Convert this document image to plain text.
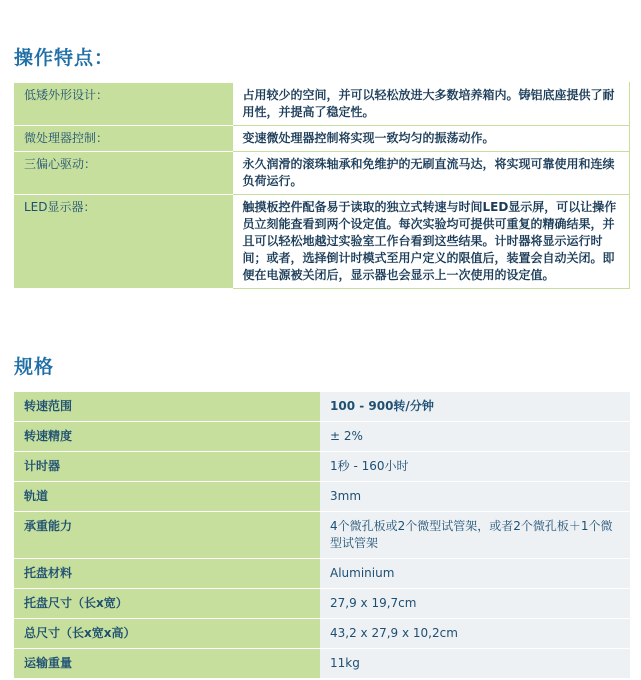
操作特点：
低矮外形设计：	占用较少的空间，并可以轻松放进大多数培养箱内。铸铝底座提供了耐用性，并提高了稳定性。
微处理器控制：	变速微处理器控制将实现一致均匀的振荡动作。
三偏心驱动：	永久润滑的滚珠轴承和免维护的无刷直流马达，将实现可靠使用和连续负荷运行。
LED显示器：	触摸板控件配备易于读取的独立式转速与时间LED显示屏，可以让操作员立刻能查看到两个设定值。每次实验均可提供可重复的精确结果，并且可以轻松地越过实验室工作台看到这些结果。计时器将显示运行时间；或者，选择倒计时模式至用户定义的限值后，装置会自动关闭。即便在电源被关闭后，显示器也会显示上一次使用的设定值。
规格
转速范围	100 - 900转/分钟
转速精度	± 2%
计时器	1秒 - 160小时
轨道	3mm
承重能力	4个微孔板或2个微型试管架，或者2个微孔板＋1个微型试管架
托盘材料	Aluminium
托盘尺寸（长x宽）	27,9 x 19,7cm
总尺寸（长x宽x高）	43,2 x 27,9 x 10,2cm
运输重量	11kg
